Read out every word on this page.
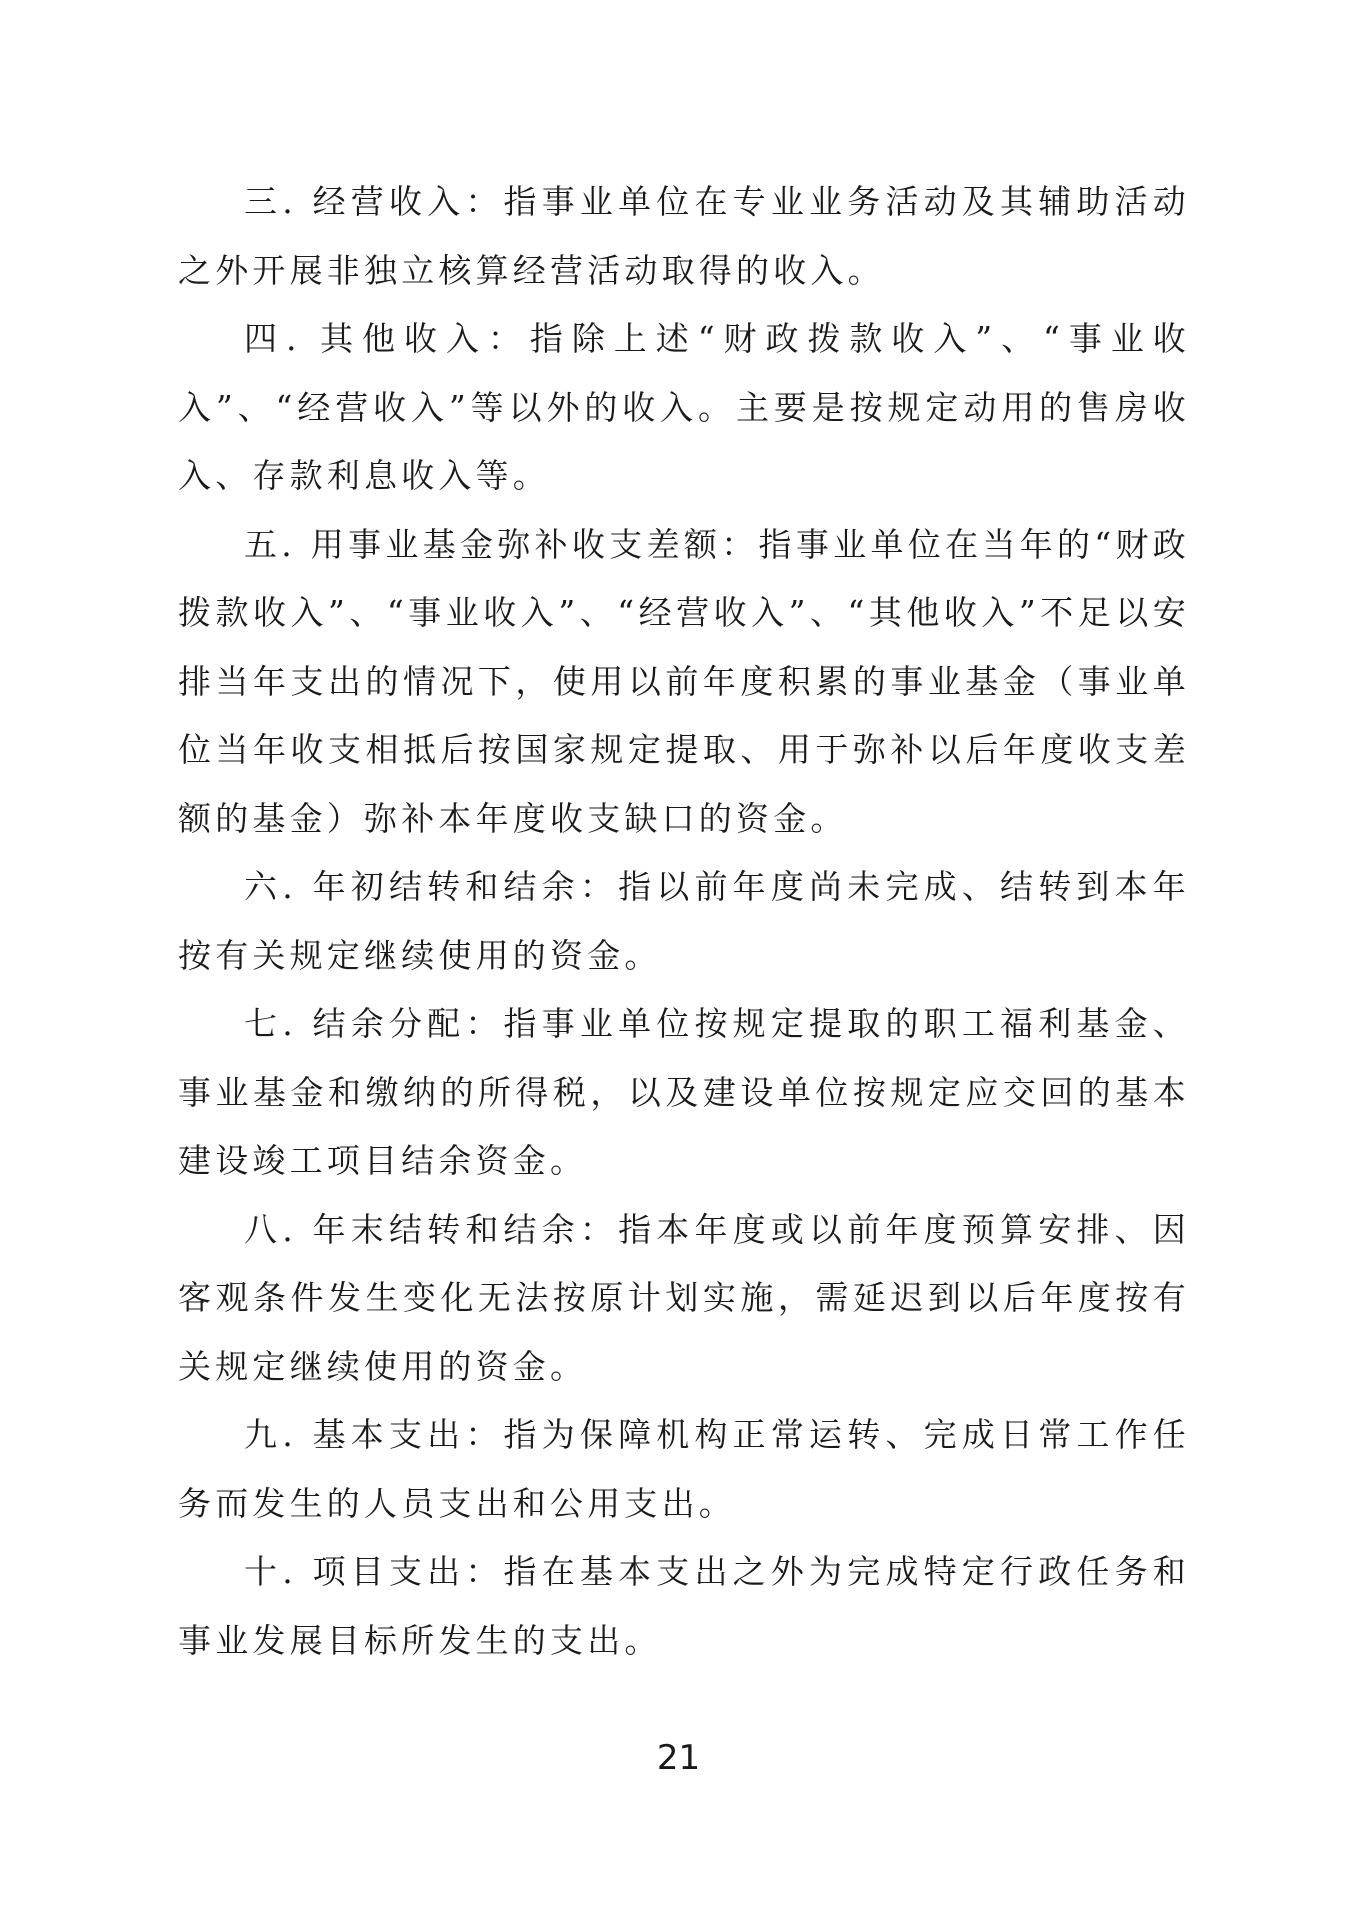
三. 经营收入：指事业单位在专业业务活动及其辅助活动之外开展非独立核算经营活动取得的收入。

四. 其他收入：指除上述“财政拨款收入”、“事业收入”、“经营收入”等以外的收入。主要是按规定动用的售房收入、存款利息收入等。

五. 用事业基金弥补收支差额：指事业单位在当年的“财政拨款收入”、“事业收入”、“经营收入”、“其他收入”不足以安排当年支出的情况下，使用以前年度积累的事业基金（事业单位当年收支相抵后按国家规定提取、用于弥补以后年度收支差额的基金）弥补本年度收支缺口的资金。

六. 年初结转和结余：指以前年度尚未完成、结转到本年按有关规定继续使用的资金。

七. 结余分配：指事业单位按规定提取的职工福利基金、事业基金和缴纳的所得税，以及建设单位按规定应交回的基本建设竣工项目结余资金。

八. 年末结转和结余：指本年度或以前年度预算安排、因客观条件发生变化无法按原计划实施，需延迟到以后年度按有关规定继续使用的资金。

九. 基本支出：指为保障机构正常运转、完成日常工作任务而发生的人员支出和公用支出。

十. 项目支出：指在基本支出之外为完成特定行政任务和事业发展目标所发生的支出。

21
